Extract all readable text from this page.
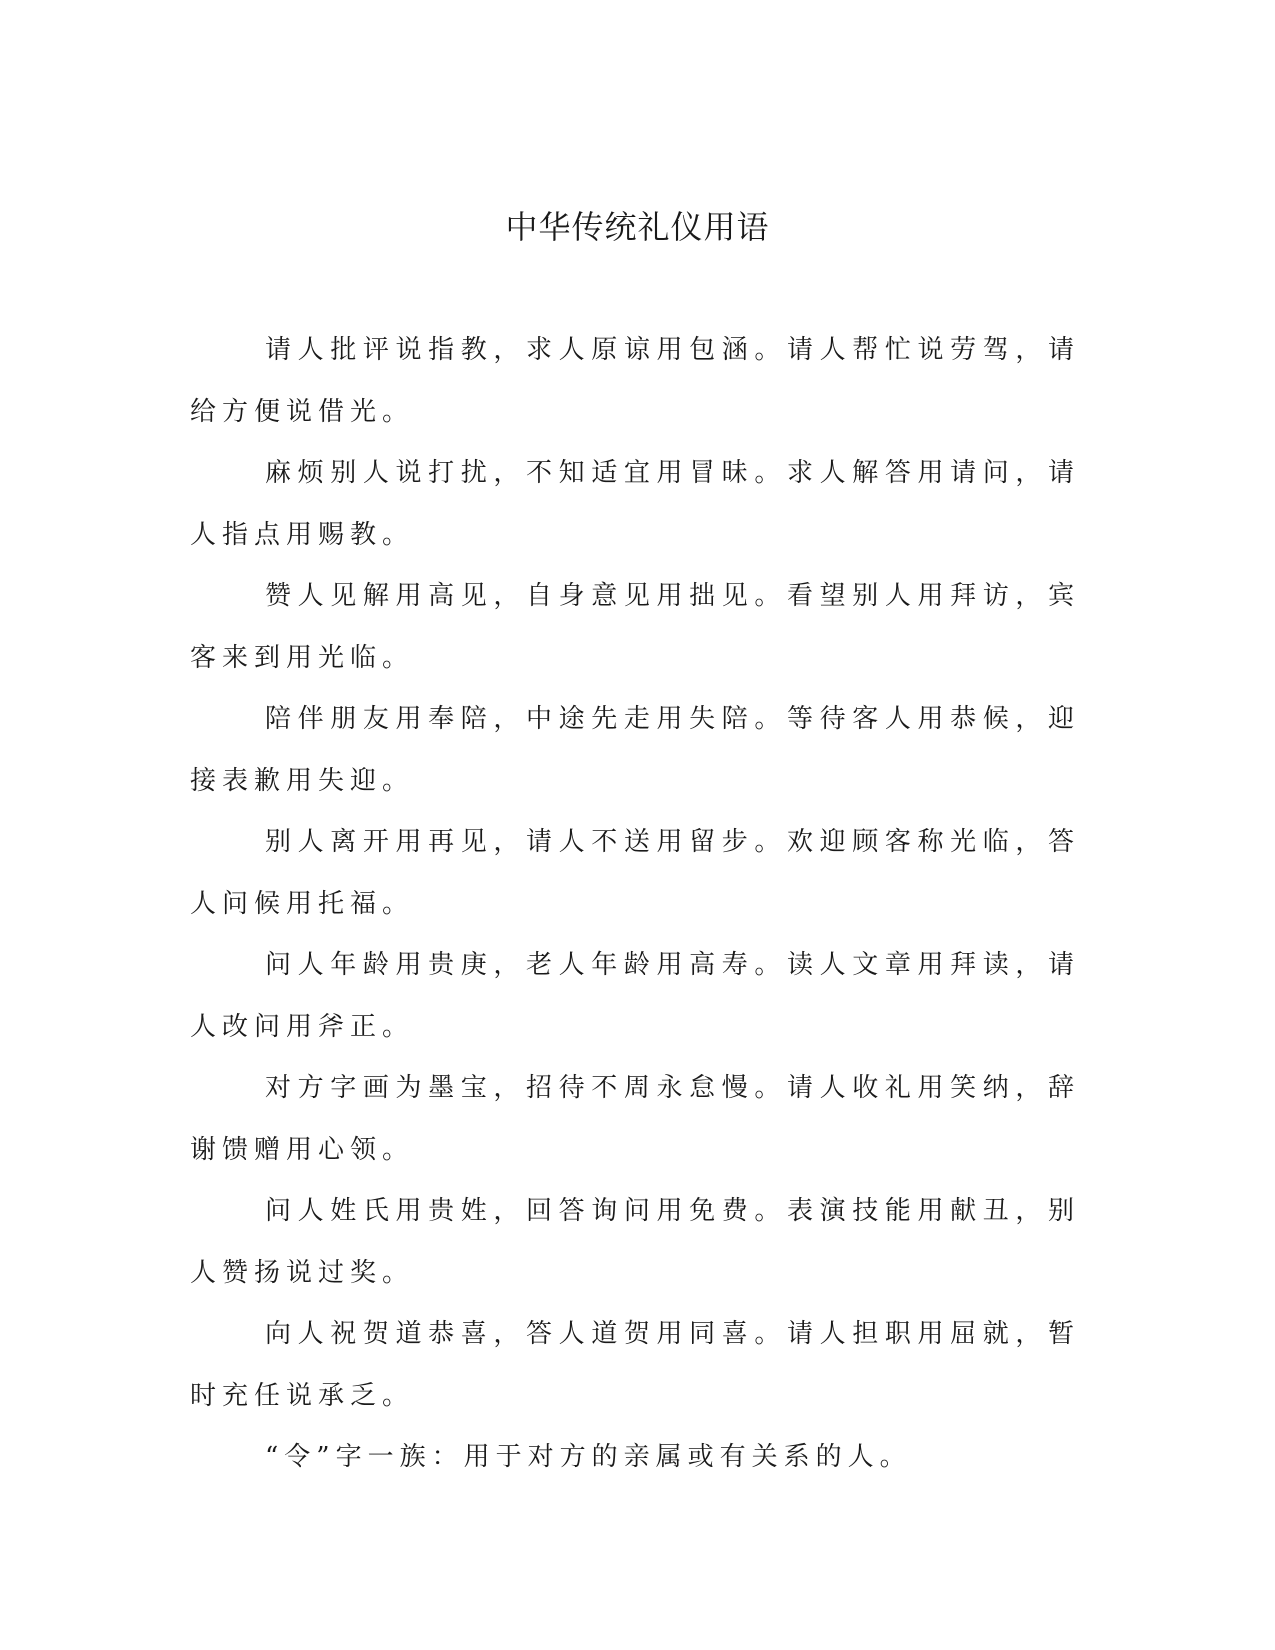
中华传统礼仪用语

请人批评说指教，求人原谅用包涵。请人帮忙说劳驾，请给方便说借光。

麻烦别人说打扰，不知适宜用冒昧。求人解答用请问，请人指点用赐教。

赞人见解用高见，自身意见用拙见。看望别人用拜访，宾客来到用光临。

陪伴朋友用奉陪，中途先走用失陪。等待客人用恭候，迎接表歉用失迎。

别人离开用再见，请人不送用留步。欢迎顾客称光临，答人问候用托福。

问人年龄用贵庚，老人年龄用高寿。读人文章用拜读，请人改问用斧正。

对方字画为墨宝，招待不周永怠慢。请人收礼用笑纳，辞谢馈赠用心领。

问人姓氏用贵姓，回答询问用免费。表演技能用献丑，别人赞扬说过奖。

向人祝贺道恭喜，答人道贺用同喜。请人担职用屈就，暂时充任说承乏。

“令”字一族：用于对方的亲属或有关系的人。
